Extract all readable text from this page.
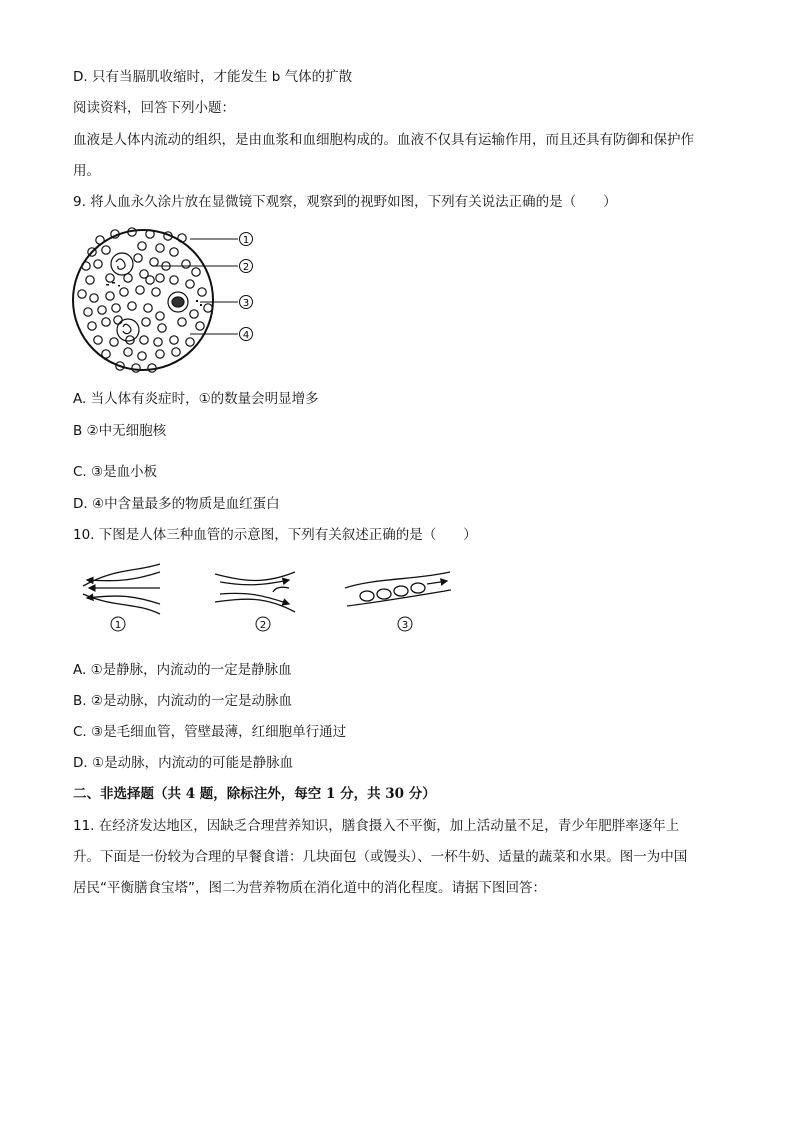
D. 只有当膈肌收缩时，才能发生 b 气体的扩散
阅读资料，回答下列小题：
血液是人体内流动的组织，是由血浆和血细胞构成的。血液不仅具有运输作用，而且还具有防御和保护作
用。
9. 将人血永久涂片放在显微镜下观察，观察到的视野如图，下列有关说法正确的是（　　）
1
2
3
4
A. 当人体有炎症时，①的数量会明显增多
B ②中无细胞核
C. ③是血小板
D. ④中含量最多的物质是血红蛋白
10. 下图是人体三种血管的示意图，下列有关叙述正确的是（　　）
1	2	3
A. ①是静脉，内流动的一定是静脉血
B. ②是动脉，内流动的一定是动脉血
C. ③是毛细血管，管壁最薄，红细胞单行通过
D. ①是动脉，内流动的可能是静脉血
二、非选择题（共 4 题，除标注外，每空 1 分，共 30 分）
11. 在经济发达地区，因缺乏合理营养知识，膳食摄入不平衡，加上活动量不足，青少年肥胖率逐年上
升。下面是一份较为合理的早餐食谱：几块面包（或馒头）、一杯牛奶、适量的蔬菜和水果。图一为中国
居民“平衡膳食宝塔”，图二为营养物质在消化道中的消化程度。请据下图回答：
